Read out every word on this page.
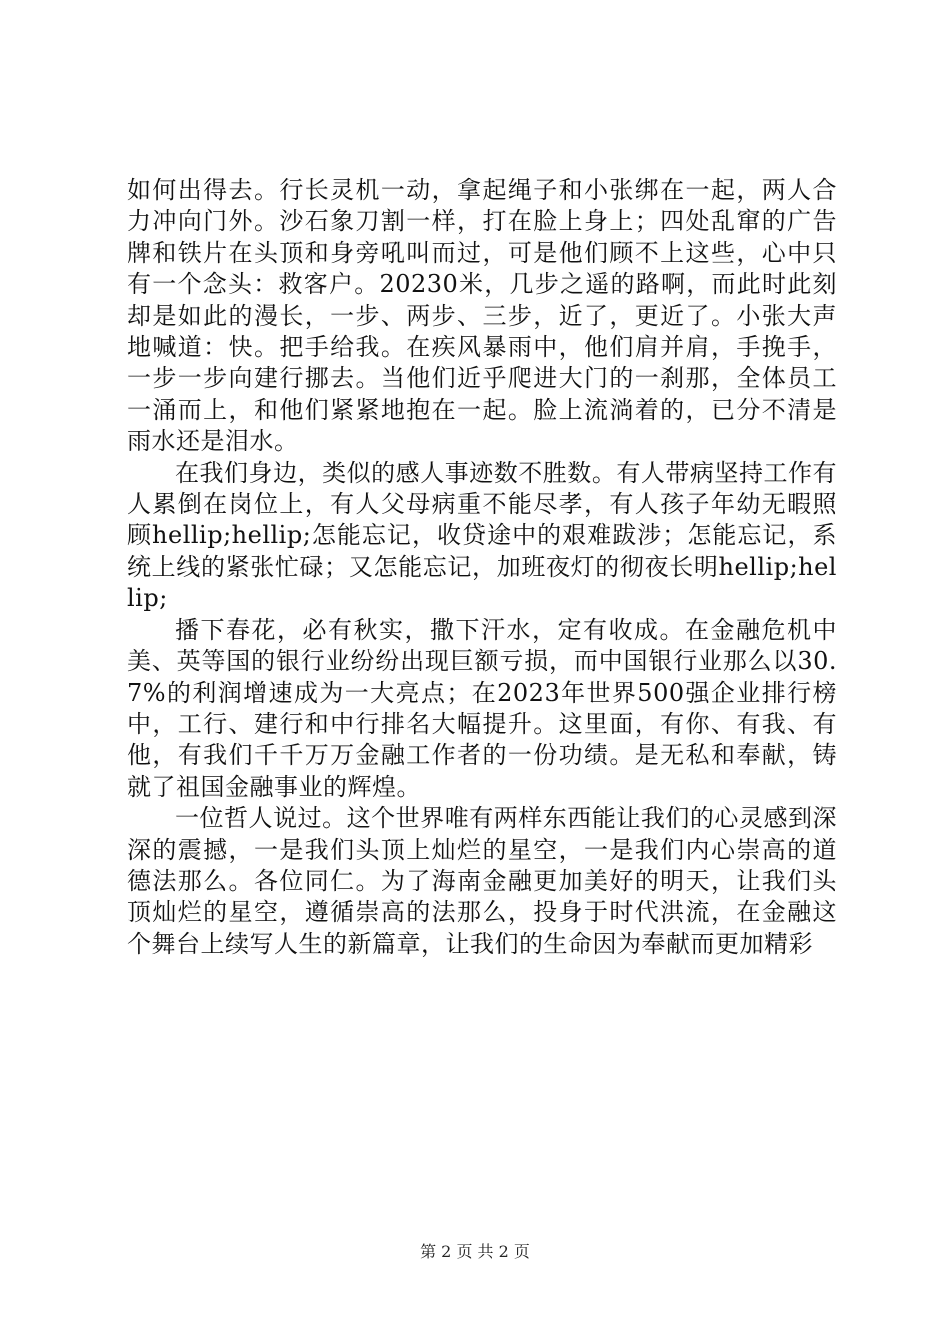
如何出得去。行长灵机一动，拿起绳子和小张绑在一起，两人合力冲向门外。沙石象刀割一样，打在脸上身上；四处乱窜的广告牌和铁片在头顶和身旁吼叫而过，可是他们顾不上这些，心中只有一个念头：救客户。20230米，几步之遥的路啊，而此时此刻却是如此的漫长，一步、两步、三步，近了，更近了。小张大声地喊道：快。把手给我。在疾风暴雨中，他们肩并肩，手挽手，一步一步向建行挪去。当他们近乎爬进大门的一刹那，全体员工一涌而上，和他们紧紧地抱在一起。脸上流淌着的，已分不清是雨水还是泪水。

在我们身边，类似的感人事迹数不胜数。有人带病坚持工作有人累倒在岗位上，有人父母病重不能尽孝，有人孩子年幼无暇照顾hellip;hellip;怎能忘记，收贷途中的艰难跋涉；怎能忘记，系统上线的紧张忙碌；又怎能忘记，加班夜灯的彻夜长明hellip;hellip;

播下春花，必有秋实，撒下汗水，定有收成。在金融危机中美、英等国的银行业纷纷出现巨额亏损，而中国银行业那么以30.7%的利润增速成为一大亮点；在2023年世界500强企业排行榜中，工行、建行和中行排名大幅提升。这里面，有你、有我、有他，有我们千千万万金融工作者的一份功绩。是无私和奉献，铸就了祖国金融事业的辉煌。

一位哲人说过。这个世界唯有两样东西能让我们的心灵感到深深的震撼，一是我们头顶上灿烂的星空，一是我们内心崇高的道德法那么。各位同仁。为了海南金融更加美好的明天，让我们头顶灿烂的星空，遵循崇高的法那么，投身于时代洪流，在金融这个舞台上续写人生的新篇章，让我们的生命因为奉献而更加精彩

第 2 页 共 2 页
